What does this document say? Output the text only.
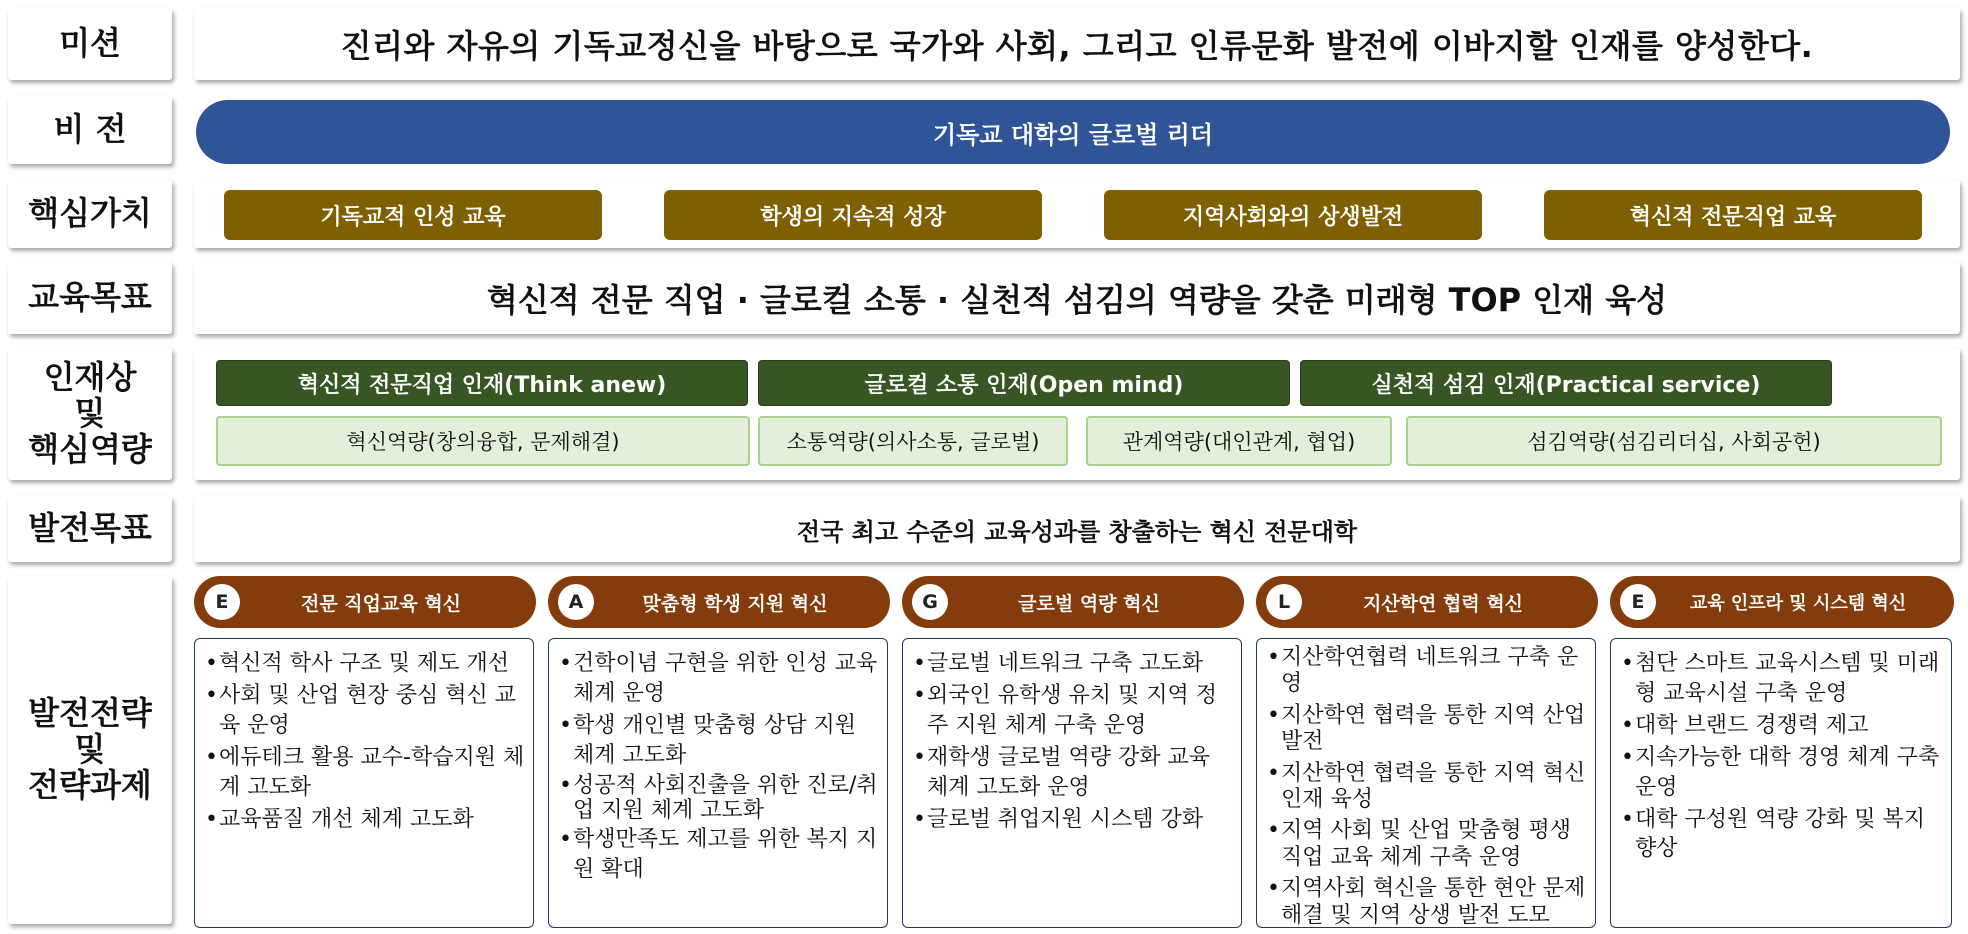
미션	진리와 자유의 기독교정신을 바탕으로 국가와 사회, 그리고 인류문화 발전에 이바지할 인재를 양성한다.
비 전	기독교 대학의 글로벌 리더
핵심가치	기독교적 인성 교육	학생의 지속적 성장	지역사회와의 상생발전	혁신적 전문직업 교육
교육목표	혁신적 전문 직업 · 글로컬 소통 · 실천적 섬김의 역량을 갖춘 미래형 TOP 인재 육성
인재상
및
핵심역량
혁신적 전문직업 인재(Think anew)	글로컬 소통 인재(Open mind)	실천적 섬김 인재(Practical service)
혁신역량(창의융합, 문제해결)	소통역량(의사소통, 글로벌)	관계역량(대인관계, 협업)	섬김역량(섬김리더십, 사회공헌)
발전목표	전국 최고 수준의 교육성과를 창출하는 혁신 전문대학
발전전략
및
전략과제
E	전문 직업교육 혁신
• 혁신적 학사 구조 및 제도 개선
• 사회 및 산업 현장 중심 혁신 교육 운영
• 에듀테크 활용 교수-학습지원 체계 고도화
• 교육품질 개선 체계 고도화
A	맞춤형 학생 지원 혁신
• 건학이념 구현을 위한 인성 교육 체계 운영
• 학생 개인별 맞춤형 상담 지원 체계 고도화
• 성공적 사회진출을 위한 진로/취업 지원 체계 고도화
• 학생만족도 제고를 위한 복지 지원 확대
G	글로벌 역량 혁신
• 글로벌 네트워크 구축 고도화
• 외국인 유학생 유치 및 지역 정주 지원 체계 구축 운영
• 재학생 글로벌 역량 강화 교육 체계 고도화 운영
• 글로벌 취업지원 시스템 강화
L	지산학연 협력 혁신
• 지산학연협력 네트워크 구축 운영
• 지산학연 협력을 통한 지역 산업 발전
• 지산학연 협력을 통한 지역 혁신 인재 육성
• 지역 사회 및 산업 맞춤형 평생직업 교육 체계 구축 운영
• 지역사회 혁신을 통한 현안 문제 해결 및 지역 상생 발전 도모
E	교육 인프라 및 시스템 혁신
• 첨단 스마트 교육시스템 및 미래형 교육시설 구축 운영
• 대학 브랜드 경쟁력 제고
• 지속가능한 대학 경영 체계 구축 운영
• 대학 구성원 역량 강화 및 복지 향상
